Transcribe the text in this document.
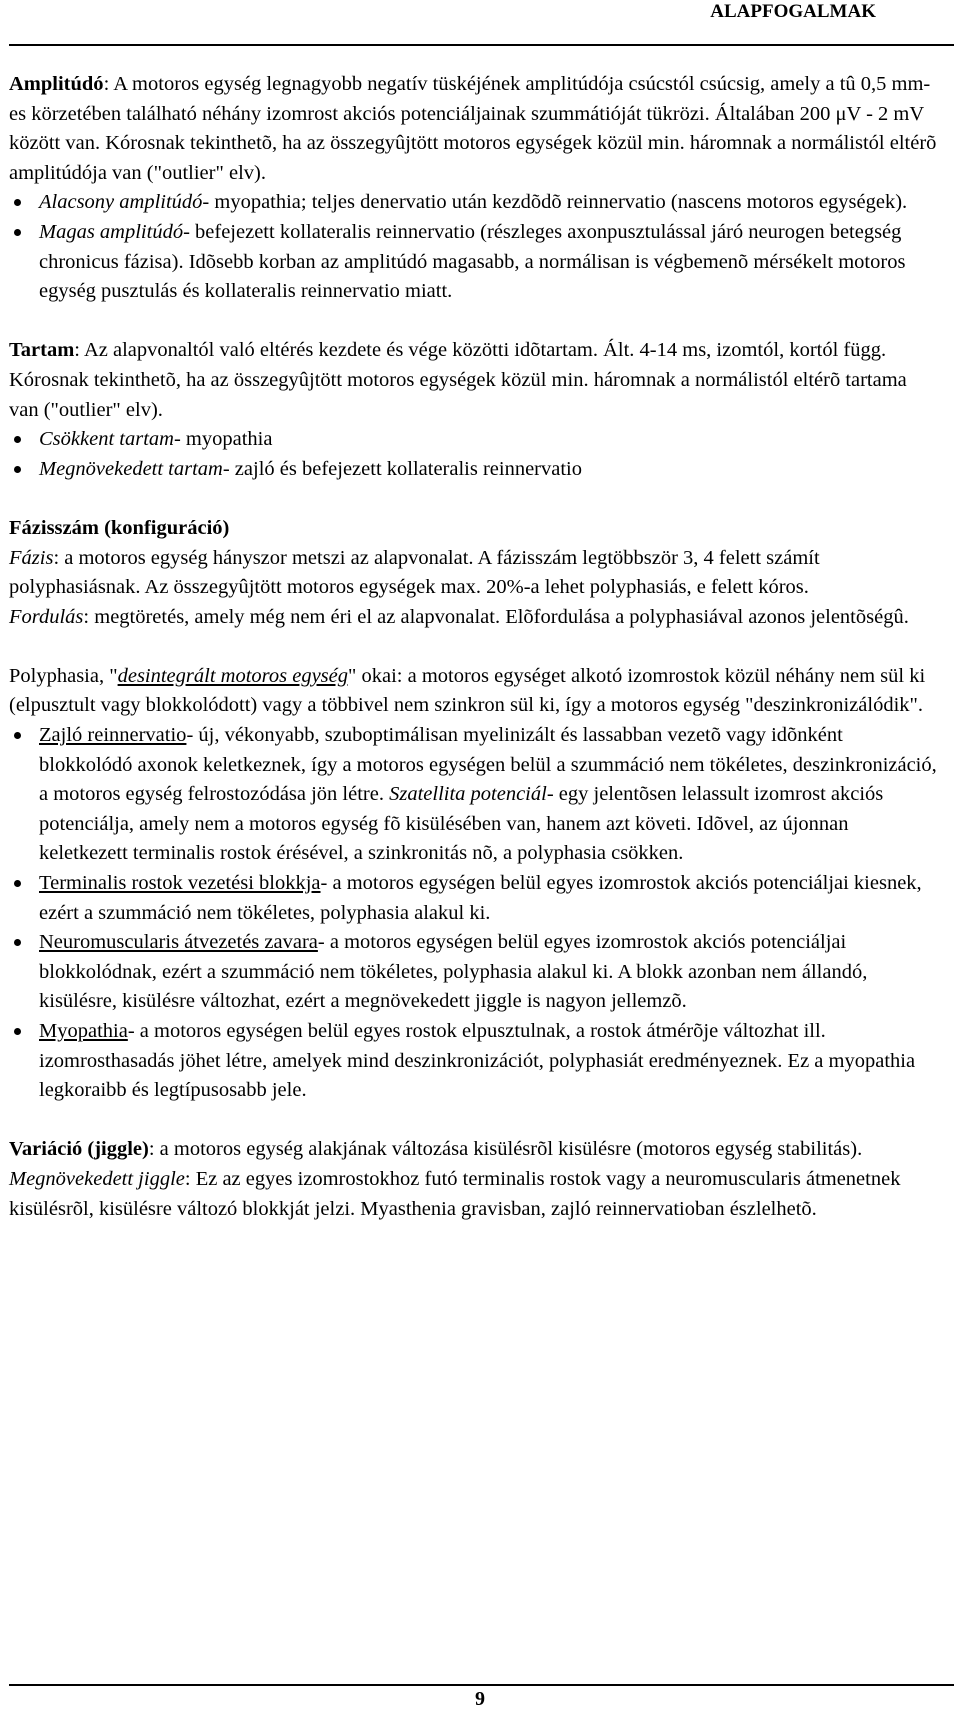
ALAPFOGALMAK

Amplitúdó: A motoros egység legnagyobb negatív tüskéjének amplitúdója csúcstól csúcsig, amely a tû 0,5 mm-es körzetében található néhány izomrost akciós potenciáljainak szummátióját tükrözi. Általában 200 μV - 2 mV között van. Kórosnak tekinthetõ, ha az összegyûjtött motoros egységek közül min. háromnak a normálistól eltérõ amplitúdója van ("outlier" elv).

Alacsony amplitúdó- myopathia; teljes denervatio után kezdõdõ reinnervatio (nascens motoros egységek).
Magas amplitúdó- befejezett kollateralis reinnervatio (részleges axonpusztulással járó neurogen betegség chronicus fázisa). Idõsebb korban az amplitúdó magasabb, a normálisan is végbemenõ mérsékelt motoros egység pusztulás és kollateralis reinnervatio miatt.

Tartam: Az alapvonaltól való eltérés kezdete és vége közötti idõtartam. Ált. 4-14 ms, izomtól, kortól függ. Kórosnak tekinthetõ, ha az összegyûjtött motoros egységek közül min. háromnak a normálistól eltérõ tartama van ("outlier" elv).

Csökkent tartam- myopathia
Megnövekedett tartam- zajló és befejezett kollateralis reinnervatio

Fázisszám (konfiguráció)

Fázis: a motoros egység hányszor metszi az alapvonalat. A fázisszám legtöbbször 3, 4 felett számít polyphasiásnak. Az összegyûjtött motoros egységek max. 20%-a lehet polyphasiás, e felett kóros.

Fordulás: megtöretés, amely még nem éri el az alapvonalat. Elõfordulása a polyphasiával azonos jelentõségû.

Polyphasia, "desintegrált motoros egység" okai: a motoros egységet alkotó izomrostok közül néhány nem sül ki (elpusztult vagy blokkolódott) vagy a többivel nem szinkron sül ki, így a motoros egység "deszinkronizálódik".

Zajló reinnervatio- új, vékonyabb, szuboptimálisan myelinizált és lassabban vezetõ vagy idõnként blokkolódó axonok keletkeznek, így a motoros egységen belül a szummáció nem tökéletes, deszinkronizáció, a motoros egység felrostozódása jön létre. Szatellita potenciál- egy jelentõsen lelassult izomrost akciós potenciálja, amely nem a motoros egység fõ kisülésében van, hanem azt követi. Idõvel, az újonnan keletkezett terminalis rostok érésével, a szinkronitás nõ, a polyphasia csökken.
Terminalis rostok vezetési blokkja- a motoros egységen belül egyes izomrostok akciós potenciáljai kiesnek, ezért a szummáció nem tökéletes, polyphasia alakul ki.
Neuromuscularis átvezetés zavara- a motoros egységen belül egyes izomrostok akciós potenciáljai blokkolódnak, ezért a szummáció nem tökéletes, polyphasia alakul ki. A blokk azonban nem állandó, kisülésre, kisülésre változhat, ezért a megnövekedett jiggle is nagyon jellemzõ.
Myopathia- a motoros egységen belül egyes rostok elpusztulnak, a rostok átmérõje változhat ill. izomrosthasadás jöhet létre, amelyek mind deszinkronizációt, polyphasiát eredményeznek. Ez a myopathia legkoraibb és legtípusosabb jele.

Variáció (jiggle): a motoros egység alakjának változása kisülésrõl kisülésre (motoros egység stabilitás).

Megnövekedett jiggle: Ez az egyes izomrostokhoz futó terminalis rostok vagy a neuromuscularis átmenetnek kisülésrõl, kisülésre változó blokkját jelzi. Myasthenia gravisban, zajló reinnervatioban észlelhetõ.

9
